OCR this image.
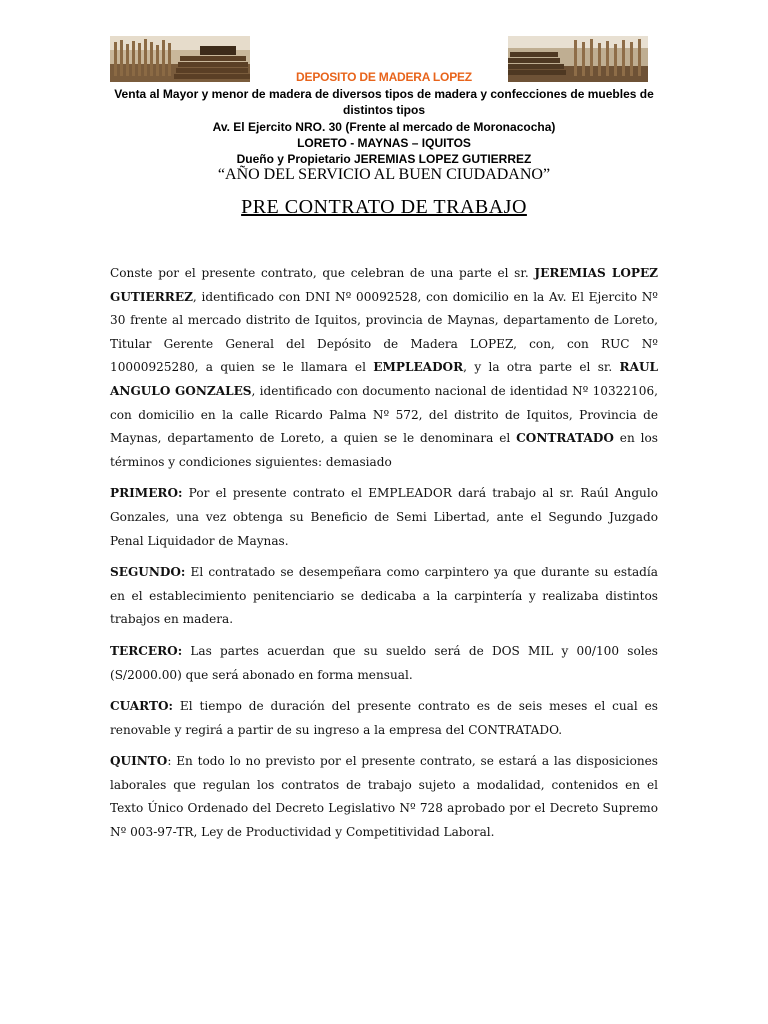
DEPOSITO DE MADERA LOPEZ
Venta al Mayor y menor de madera de diversos tipos de madera y confecciones de muebles de distintos tipos
Av. El Ejercito NRO. 30 (Frente al mercado de Moronacocha)
LORETO - MAYNAS – IQUITOS
Dueño y Propietario JEREMIAS LOPEZ GUTIERREZ
“AÑO DEL SERVICIO AL BUEN CIUDADANO”
PRE CONTRATO DE TRABAJO

Conste por el presente contrato, que celebran de una parte el sr. JEREMIAS LOPEZ GUTIERREZ, identificado con DNI Nº 00092528, con domicilio en la Av. El Ejercito Nº 30 frente al mercado distrito de Iquitos, provincia de Maynas, departamento de Loreto, Titular Gerente General del Depósito de Madera LOPEZ, con, con RUC Nº 10000925280, a quien se le llamara el EMPLEADOR, y la otra parte el sr. RAUL ANGULO GONZALES, identificado con documento nacional de identidad Nº 10322106, con domicilio en la calle Ricardo Palma Nº 572, del distrito de Iquitos, Provincia de Maynas, departamento de Loreto, a quien se le denominara el CONTRATADO en los términos y condiciones siguientes: demasiado

PRIMERO: Por el presente contrato el EMPLEADOR dará trabajo al sr. Raúl Angulo Gonzales, una vez obtenga su Beneficio de Semi Libertad, ante el Segundo Juzgado Penal Liquidador de Maynas.

SEGUNDO: El contratado se desempeñara como carpintero ya que durante su estadía en el establecimiento penitenciario se dedicaba a la carpintería y realizaba distintos trabajos en madera.

TERCERO: Las partes acuerdan que su sueldo será de DOS MIL y 00/100 soles (S/2000.00) que será abonado en forma mensual.

CUARTO: El tiempo de duración del presente contrato es de seis meses el cual es renovable y regirá a partir de su ingreso a la empresa del CONTRATADO.

QUINTO: En todo lo no previsto por el presente contrato, se estará a las disposiciones laborales que regulan los contratos de trabajo sujeto a modalidad, contenidos en el Texto Único Ordenado del Decreto Legislativo Nº 728 aprobado por el Decreto Supremo Nº 003-97-TR, Ley de Productividad y Competitividad Laboral.
